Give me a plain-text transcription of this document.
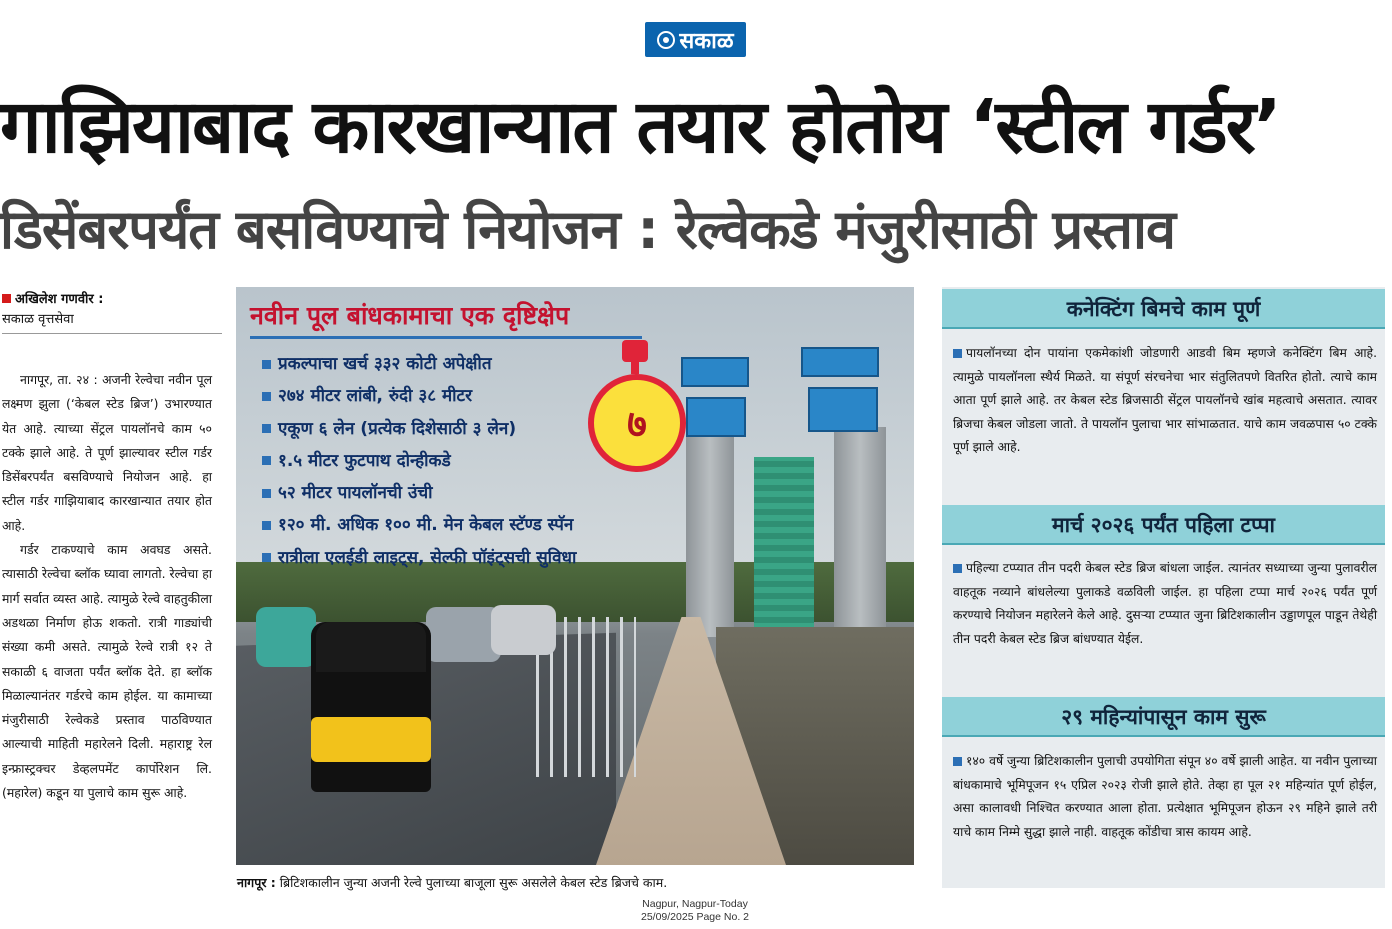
सकाळ
गाझियाबाद कारखान्यात तयार होतोय ‘स्टील गर्डर’
डिसेंबरपर्यंत बसविण्याचे नियोजन : रेल्वेकडे मंजुरीसाठी प्रस्ताव
अखिलेश गणवीर :
सकाळ वृत्तसेवा

नागपूर, ता. २४ : अजनी रेल्वेचा नवीन पूल लक्ष्मण झुला (‘केबल स्टेड ब्रिज’) उभारण्यात येत आहे. त्याच्या सेंट्रल पायलॉनचे काम ५० टक्के झाले आहे. ते पूर्ण झाल्यावर स्टील गर्डर डिसेंबरपर्यंत बसविण्याचे नियोजन आहे. हा स्टील गर्डर गाझियाबाद कारखान्यात तयार होत आहे.

गर्डर टाकण्याचे काम अवघड असते. त्यासाठी रेल्वेचा ब्लॉक घ्यावा लागतो. रेल्वेचा हा मार्ग सर्वात व्यस्त आहे. त्यामुळे रेल्वे वाहतुकीला अडथळा निर्माण होऊ शकतो. रात्री गाड्यांची संख्या कमी असते. त्यामुळे रेल्वे रात्री १२ ते सकाळी ६ वाजता पर्यंत ब्लॉक देते. हा ब्लॉक मिळाल्यानंतर गर्डरचे काम होईल. या कामाच्या मंजुरीसाठी रेल्वेकडे प्रस्ताव पाठविण्यात आल्याची माहिती महारेलने दिली. महाराष्ट्र रेल इन्फ्रास्ट्रक्चर डेव्हलपमेंट कार्पोरेशन लि. (महारेल) कडून या पुलाचे काम सुरू आहे.

नवीन पूल बांधकामाचा एक दृष्टिक्षेप
प्रकल्पाचा खर्च ३३२ कोटी अपेक्षीत
२७४ मीटर लांबी, रुंदी ३८ मीटर
एकूण ६ लेन (प्रत्येक दिशेसाठी ३ लेन)
१.५ मीटर फुटपाथ दोन्हीकडे
५२ मीटर पायलॉनची उंची
१२० मी. अधिक १०० मी. मेन केबल स्टॅण्ड स्पॅन
रात्रीला एलईडी लाइट्स, सेल्फी पॉइंट्सची सुविधा
७
नागपूर : ब्रिटिशकालीन जुन्या अजनी रेल्वे पुलाच्या बाजूला सुरू असलेले केबल स्टेड ब्रिजचे काम.
कनेक्टिंग बिमचे काम पूर्ण
पायलॉनच्या दोन पायांना एकमेकांशी जोडणारी आडवी बिम म्हणजे कनेक्टिंग बिम आहे. त्यामुळे पायलॉनला स्थैर्य मिळते. या संपूर्ण संरचनेचा भार संतुलितपणे वितरित होतो. त्याचे काम आता पूर्ण झाले आहे. तर केबल स्टेड ब्रिजसाठी सेंट्रल पायलॉनचे खांब महत्वाचे असतात. त्यावर ब्रिजचा केबल जोडला जातो. ते पायलॉन पुलाचा भार सांभाळतात. याचे काम जवळपास ५० टक्के पूर्ण झाले आहे.
मार्च २०२६ पर्यंत पहिला टप्पा
पहिल्या टप्प्यात तीन पदरी केबल स्टेड ब्रिज बांधला जाईल. त्यानंतर सध्याच्या जुन्या पुलावरील वाहतूक नव्याने बांधलेल्या पुलाकडे वळविली जाईल. हा पहिला टप्पा मार्च २०२६ पर्यंत पूर्ण करण्याचे नियोजन महारेलने केले आहे. दुसऱ्या टप्प्यात जुना ब्रिटिशकालीन उड्डाणपूल पाडून तेथेही तीन पदरी केबल स्टेड ब्रिज बांधण्यात येईल.
२९ महिन्यांपासून काम सुरू
१४० वर्षे जुन्या ब्रिटिशकालीन पुलाची उपयोगिता संपून ४० वर्षे झाली आहेत. या नवीन पुलाच्या बांधकामाचे भूमिपूजन १५ एप्रिल २०२३ रोजी झाले होते. तेव्हा हा पूल २१ महिन्यांत पूर्ण होईल, असा कालावधी निश्चित करण्यात आला होता. प्रत्येक्षात भूमिपूजन होऊन २९ महिने झाले तरी याचे काम निम्मे सुद्धा झाले नाही. वाहतूक कोंडीचा त्रास कायम आहे.
Nagpur, Nagpur-Today
25/09/2025 Page No. 2
